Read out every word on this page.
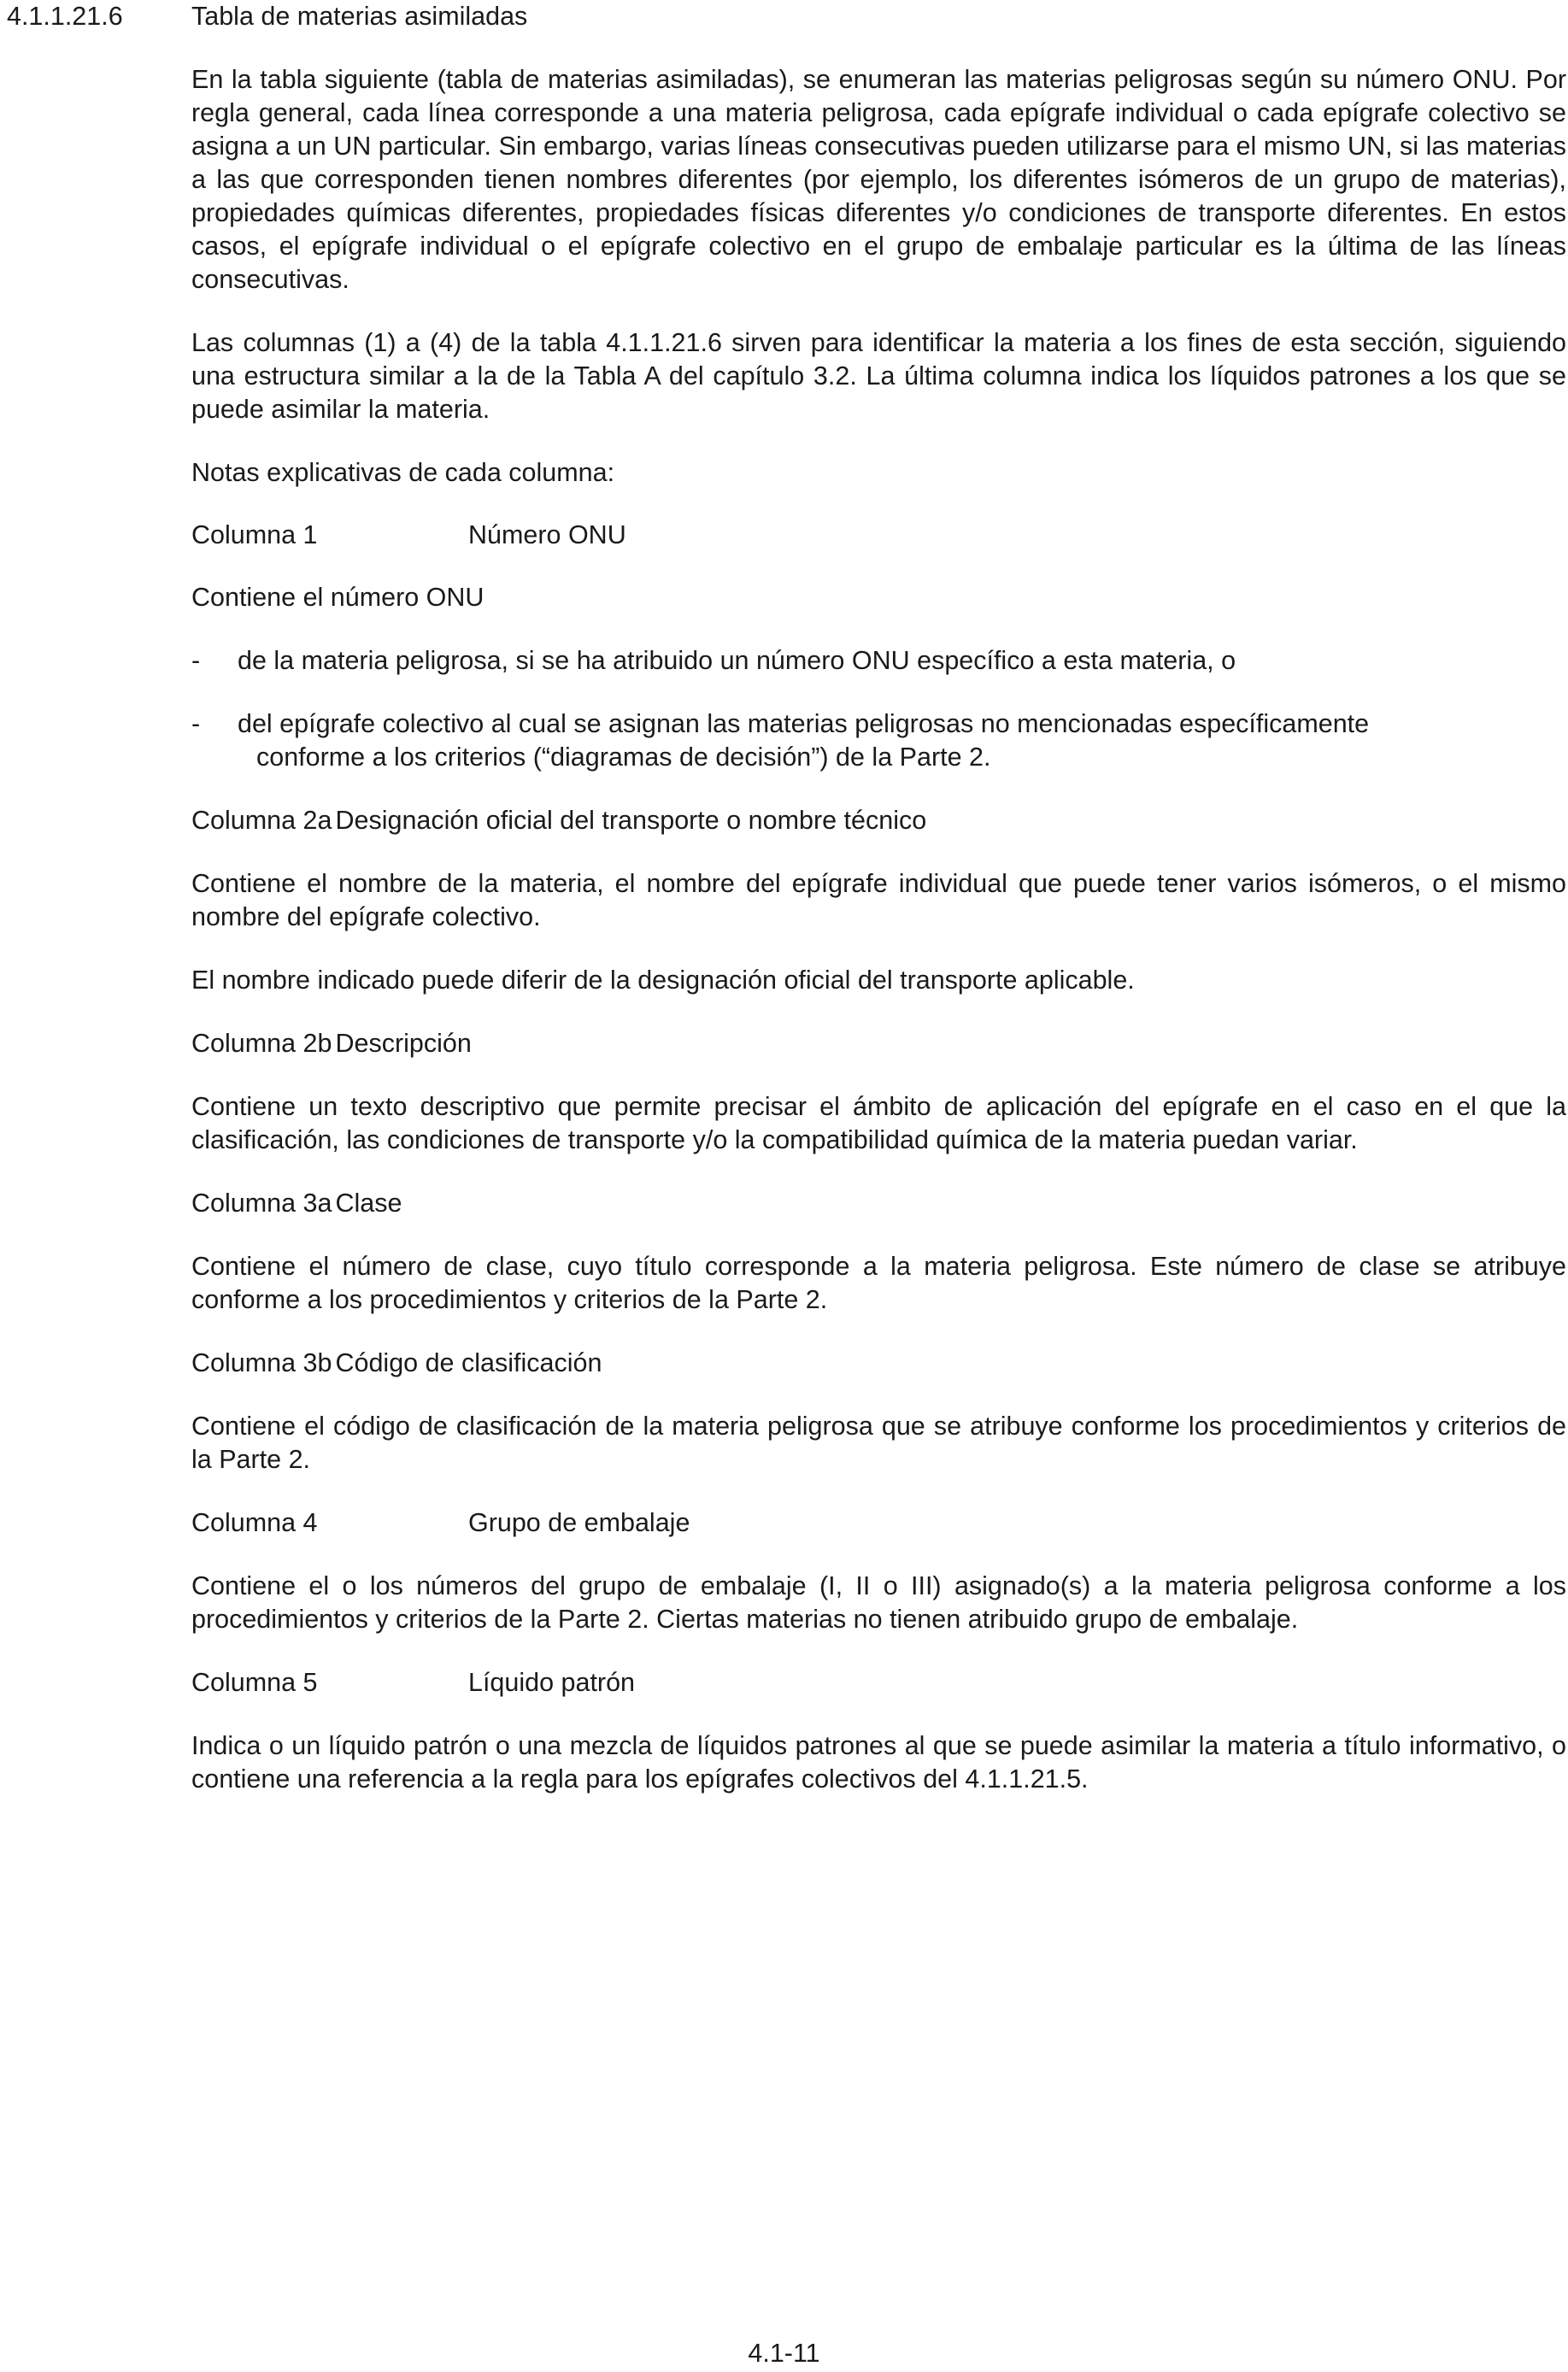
4.1.1.21.6	Tabla de materias asimiladas

En la tabla siguiente (tabla de materias asimiladas), se enumeran las materias peligrosas según su número ONU. Por regla general, cada línea corresponde a una materia peligrosa, cada epígrafe individual o cada epígrafe colectivo se asigna a un UN particular. Sin embargo, varias líneas consecutivas pueden utilizarse para el mismo UN, si las materias a las que corresponden tienen nombres diferentes (por ejemplo, los diferentes isómeros de un grupo de materias), propiedades químicas diferentes, propiedades físicas diferentes y/o condiciones de transporte diferentes. En estos casos, el epígrafe individual o el epígrafe colectivo en el grupo de embalaje particular es la última de las líneas consecutivas.

Las columnas (1) a (4) de la tabla 4.1.1.21.6 sirven para identificar la materia a los fines de esta sección, siguiendo una estructura similar a la de la Tabla A del capítulo 3.2. La última columna indica los líquidos patrones a los que se puede asimilar la materia.

Notas explicativas de cada columna:

Columna 1	Número ONU

Contiene el número ONU

- de la materia peligrosa, si se ha atribuido un número ONU específico a esta materia, o
- del epígrafe colectivo al cual se asignan las materias peligrosas no mencionadas específicamente
conforme a los criterios (“diagramas de decisión”) de la Parte 2.

Columna 2a Designación oficial del transporte o nombre técnico

Contiene el nombre de la materia, el nombre del epígrafe individual que puede tener varios isómeros, o el mismo nombre del epígrafe colectivo.

El nombre indicado puede diferir de la designación oficial del transporte aplicable.

Columna 2b Descripción

Contiene un texto descriptivo que permite precisar el ámbito de aplicación del epígrafe en el caso en el que la clasificación, las condiciones de transporte y/o la compatibilidad química de la materia puedan variar.

Columna 3a Clase

Contiene el número de clase, cuyo título corresponde a la materia peligrosa. Este número de clase se atribuye conforme a los procedimientos y criterios de la Parte 2.

Columna 3b Código de clasificación

Contiene el código de clasificación de la materia peligrosa que se atribuye conforme los procedimientos y criterios de la Parte 2.

Columna 4	Grupo de embalaje

Contiene el o los números del grupo de embalaje (I, II o III) asignado(s) a la materia peligrosa conforme a los procedimientos y criterios de la Parte 2. Ciertas materias no tienen atribuido grupo de embalaje.

Columna 5	Líquido patrón

Indica o un líquido patrón o una mezcla de líquidos patrones al que se puede asimilar la materia a título informativo, o contiene una referencia a la regla para los epígrafes colectivos del 4.1.1.21.5.

4.1-11
